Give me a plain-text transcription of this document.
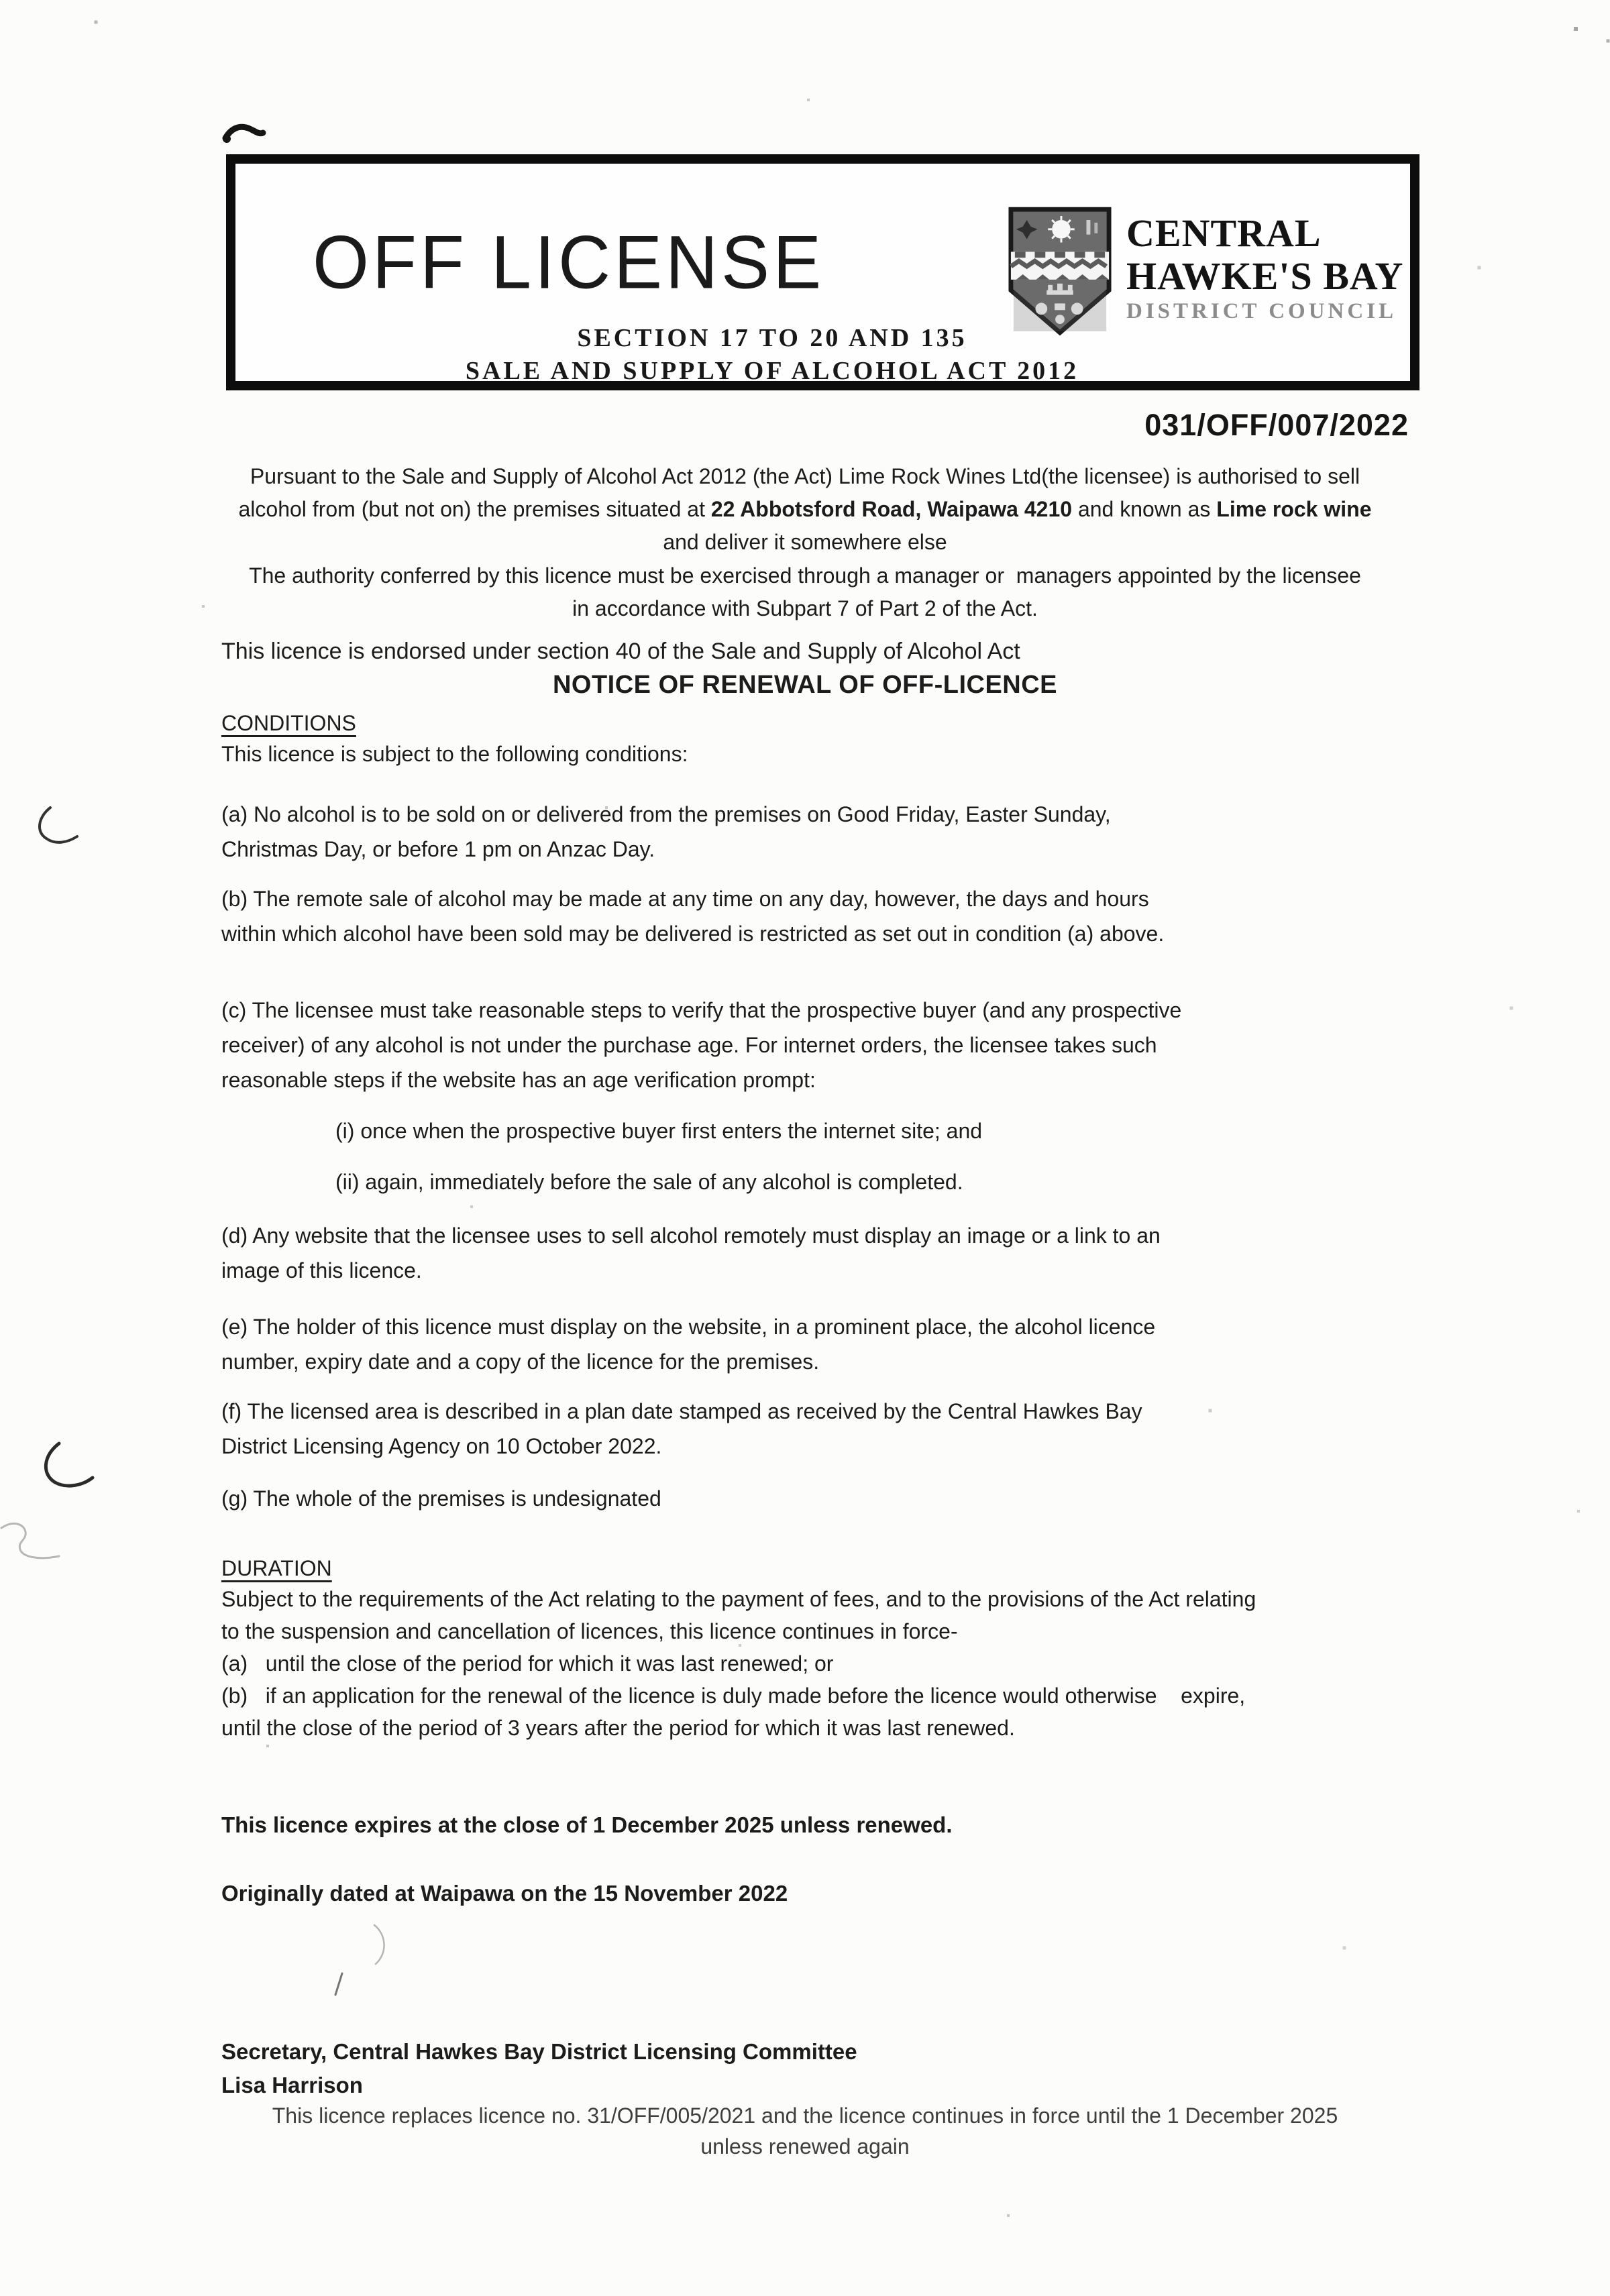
OFF LICENSE	CENTRAL
HAWKE'S BAY
DISTRICT COUNCIL
SECTION 17 TO 20 AND 135
SALE AND SUPPLY OF ALCOHOL ACT 2012
031/OFF/007/2022
Pursuant to the Sale and Supply of Alcohol Act 2012 (the Act) Lime Rock Wines Ltd(the licensee) is authorised to sell
alcohol from (but not on) the premises situated at 22 Abbotsford Road, Waipawa 4210 and known as Lime rock wine
and deliver it somewhere else
The authority conferred by this licence must be exercised through a manager or  managers appointed by the licensee
in accordance with Subpart 7 of Part 2 of the Act.
This licence is endorsed under section 40 of the Sale and Supply of Alcohol Act
NOTICE OF RENEWAL OF OFF-LICENCE
CONDITIONS
This licence is subject to the following conditions:
(a) No alcohol is to be sold on or delivered from the premises on Good Friday, Easter Sunday,
Christmas Day, or before 1 pm on Anzac Day.
(b) The remote sale of alcohol may be made at any time on any day, however, the days and hours
within which alcohol have been sold may be delivered is restricted as set out in condition (a) above.
(c) The licensee must take reasonable steps to verify that the prospective buyer (and any prospective
receiver) of any alcohol is not under the purchase age. For internet orders, the licensee takes such
reasonable steps if the website has an age verification prompt:
(i) once when the prospective buyer first enters the internet site; and
(ii) again, immediately before the sale of any alcohol is completed.
(d) Any website that the licensee uses to sell alcohol remotely must display an image or a link to an
image of this licence.
(e) The holder of this licence must display on the website, in a prominent place, the alcohol licence
number, expiry date and a copy of the licence for the premises.
(f) The licensed area is described in a plan date stamped as received by the Central Hawkes Bay
District Licensing Agency on 10 October 2022.
(g) The whole of the premises is undesignated
DURATION
Subject to the requirements of the Act relating to the payment of fees, and to the provisions of the Act relating
to the suspension and cancellation of licences, this licence continues in force-
(a)   until the close of the period for which it was last renewed; or
(b)   if an application for the renewal of the licence is duly made before the licence would otherwise    expire,
until the close of the period of 3 years after the period for which it was last renewed.
This licence expires at the close of 1 December 2025 unless renewed.
Originally dated at Waipawa on the 15 November 2022
Secretary, Central Hawkes Bay District Licensing Committee
Lisa Harrison
This licence replaces licence no. 31/OFF/005/2021 and the licence continues in force until the 1 December 2025
unless renewed again
